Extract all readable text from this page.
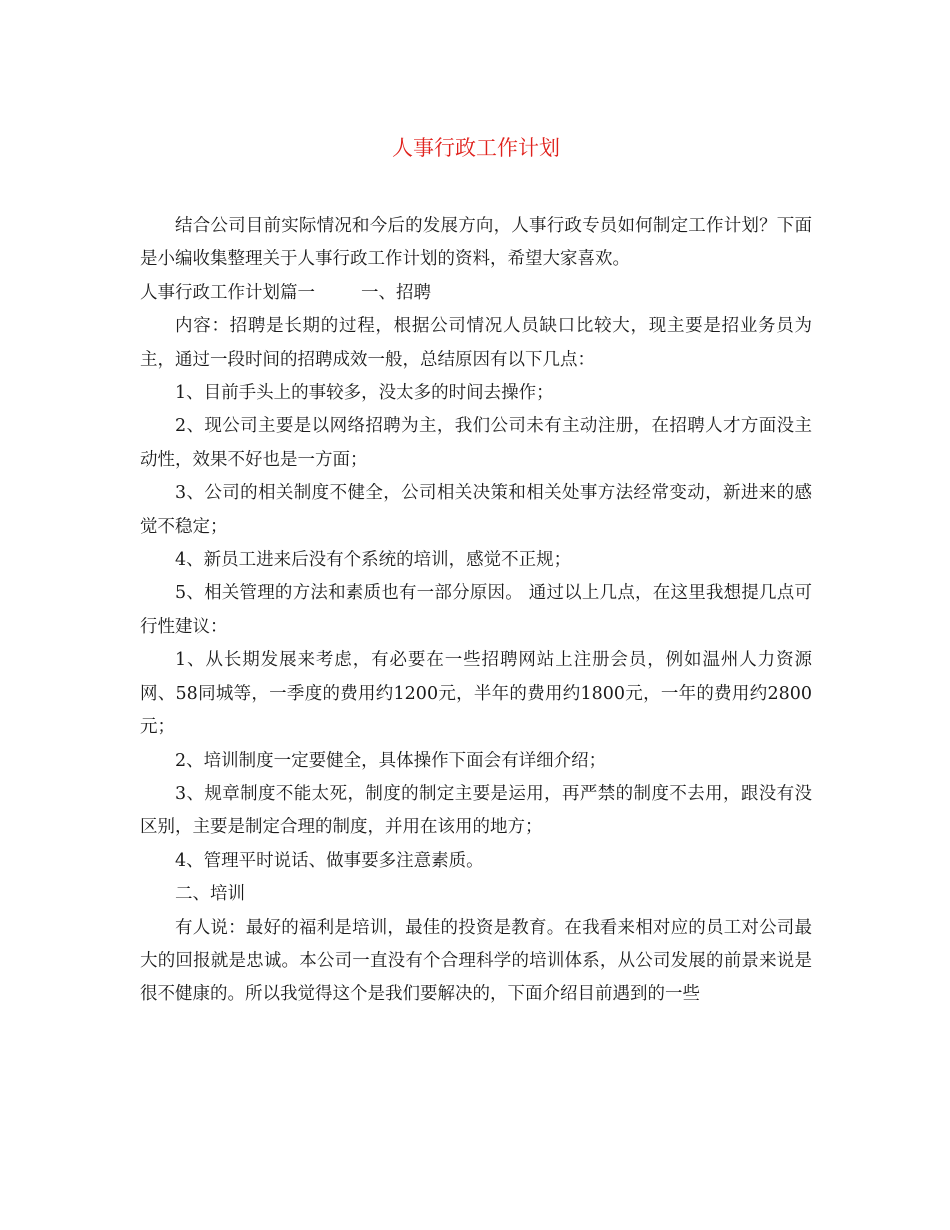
人事行政工作计划

结合公司目前实际情况和今后的发展方向，人事行政专员如何制定工作计划？下面是小编收集整理关于人事行政工作计划的资料，希望大家喜欢。

人事行政工作计划篇一	一、招聘

内容：招聘是长期的过程，根据公司情况人员缺口比较大，现主要是招业务员为主，通过一段时间的招聘成效一般，总结原因有以下几点：

1、目前手头上的事较多，没太多的时间去操作；

2、现公司主要是以网络招聘为主，我们公司未有主动注册，在招聘人才方面没主动性，效果不好也是一方面；

3、公司的相关制度不健全，公司相关决策和相关处事方法经常变动，新进来的感觉不稳定；

4、新员工进来后没有个系统的培训，感觉不正规；

5、相关管理的方法和素质也有一部分原因。 通过以上几点，在这里我想提几点可行性建议：

1、从长期发展来考虑，有必要在一些招聘网站上注册会员，例如温州人力资源网、58同城等，一季度的费用约1200元，半年的费用约1800元，一年的费用约2800元；

2、培训制度一定要健全，具体操作下面会有详细介绍；

3、规章制度不能太死，制度的制定主要是运用，再严禁的制度不去用，跟没有没区别，主要是制定合理的制度，并用在该用的地方；

4、管理平时说话、做事要多注意素质。

二、培训

有人说：最好的福利是培训，最佳的投资是教育。在我看来相对应的员工对公司最大的回报就是忠诚。本公司一直没有个合理科学的培训体系，从公司发展的前景来说是很不健康的。所以我觉得这个是我们要解决的，下面介绍目前遇到的一些
